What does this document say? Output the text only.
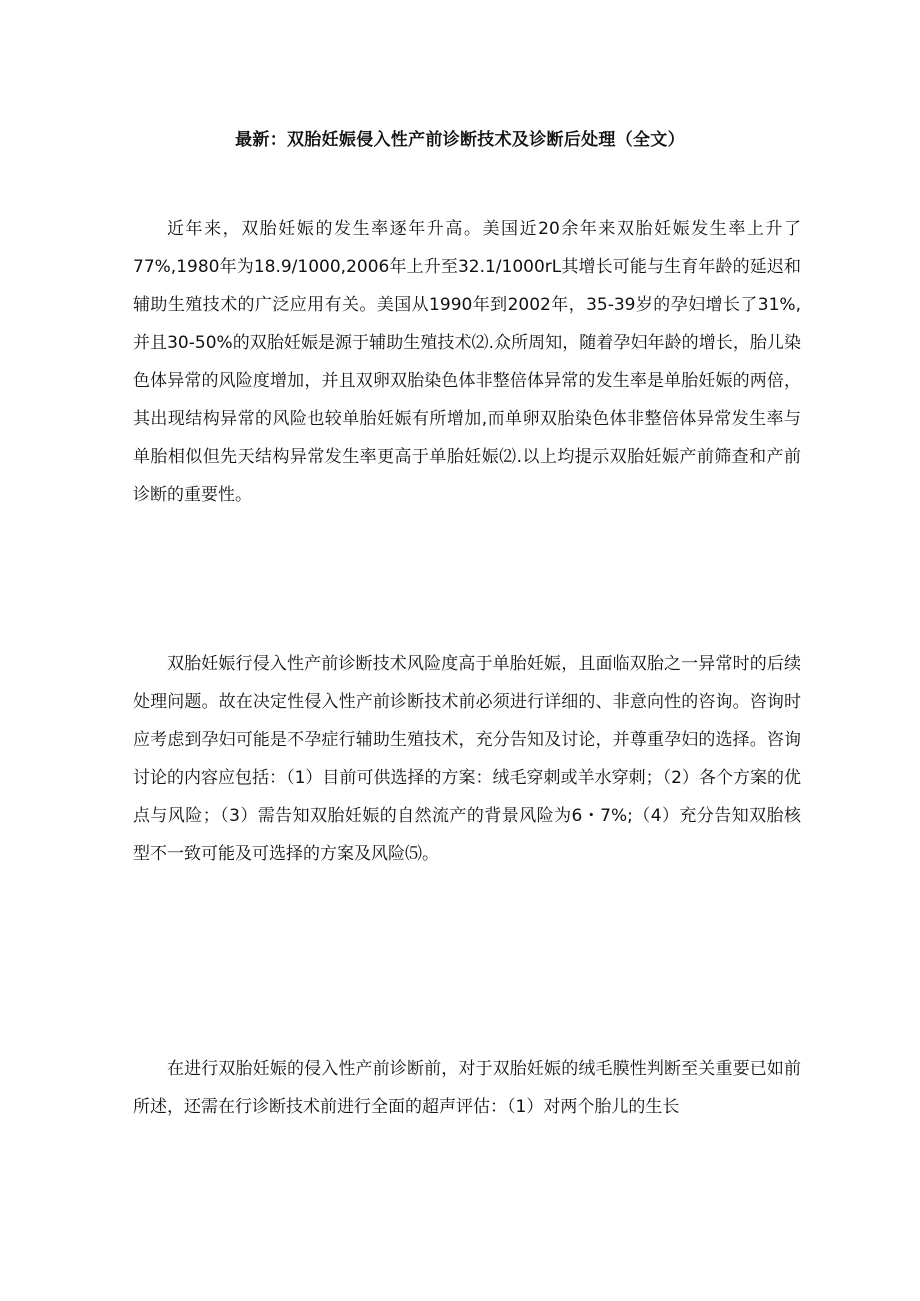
最新：双胎妊娠侵入性产前诊断技术及诊断后处理（全文）

近年来，双胎妊娠的发生率逐年升高。美国近20余年来双胎妊娠发生率上升了77%,1980年为18.9/1000,2006年上升至32.1/1000rL其增长可能与生育年龄的延迟和辅助生殖技术的广泛应用有关。美国从1990年到2002年，35-39岁的孕妇增长了31%,并且30-50%的双胎妊娠是源于辅助生殖技术⑵.众所周知，随着孕妇年龄的增长，胎儿染色体异常的风险度增加，并且双卵双胎染色体非整倍体异常的发生率是单胎妊娠的两倍，其出现结构异常的风险也较单胎妊娠有所增加,而单卵双胎染色体非整倍体异常发生率与单胎相似但先天结构异常发生率更高于单胎妊娠⑵.以上均提示双胎妊娠产前筛查和产前诊断的重要性。

双胎妊娠行侵入性产前诊断技术风险度高于单胎妊娠，且面临双胎之一异常时的后续处理问题。故在决定性侵入性产前诊断技术前必须进行详细的、非意向性的咨询。咨询时应考虑到孕妇可能是不孕症行辅助生殖技术，充分告知及讨论，并尊重孕妇的选择。咨询讨论的内容应包括：（1）目前可供选择的方案：绒毛穿刺或羊水穿刺；（2）各个方案的优点与风险；（3）需告知双胎妊娠的自然流产的背景风险为6・7%;（4）充分告知双胎核型不一致可能及可选择的方案及风险⑸。

在进行双胎妊娠的侵入性产前诊断前，对于双胎妊娠的绒毛膜性判断至关重要已如前所述，还需在行诊断技术前进行全面的超声评估：（1）对两个胎儿的生长
